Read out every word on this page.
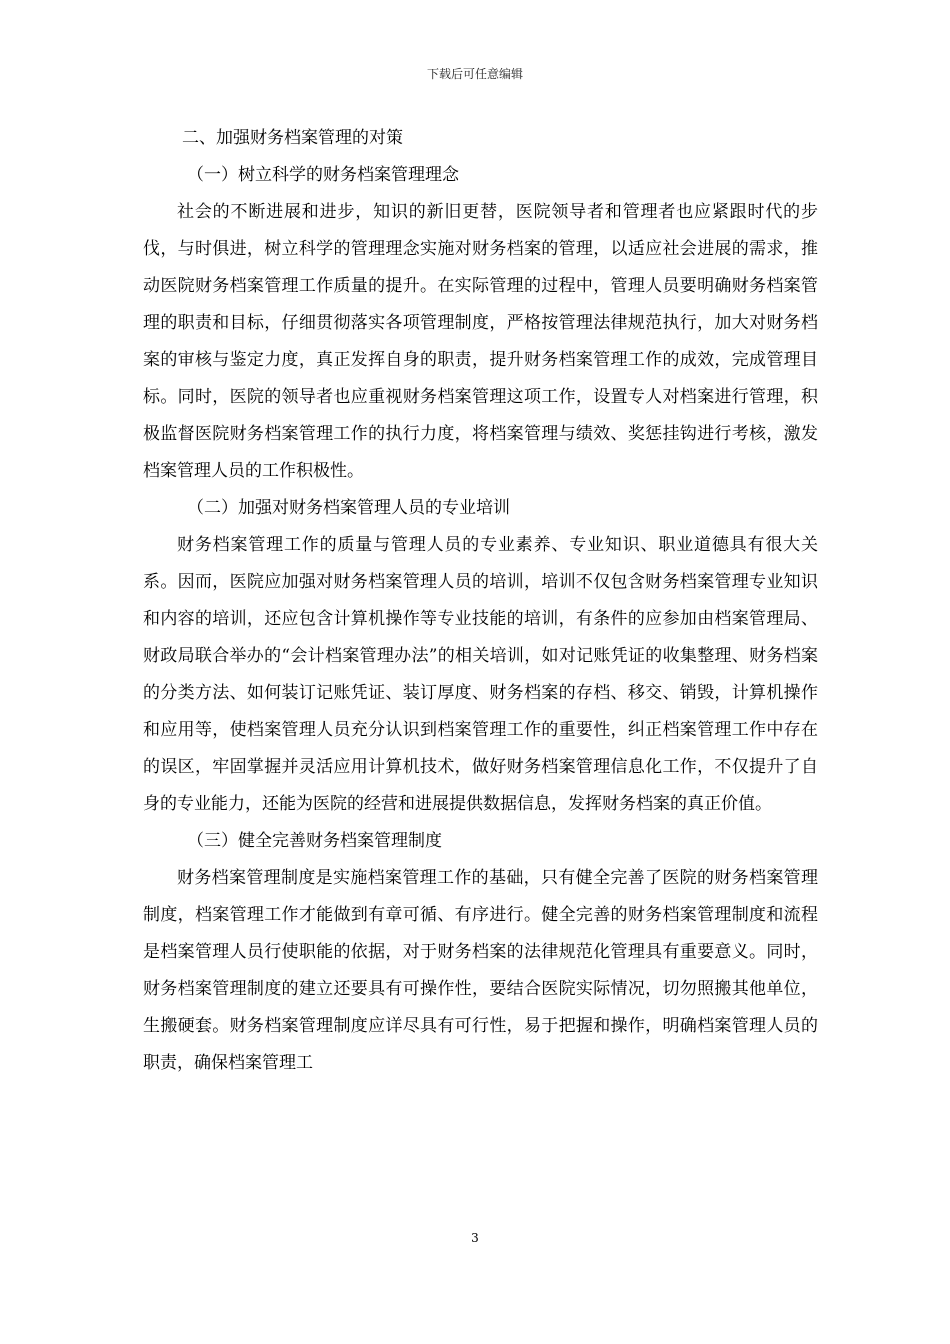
下载后可任意编辑

二、加强财务档案管理的对策

（一）树立科学的财务档案管理理念

社会的不断进展和进步，知识的新旧更替，医院领导者和管理者也应紧跟时代的步伐，与时俱进，树立科学的管理理念实施对财务档案的管理，以适应社会进展的需求，推动医院财务档案管理工作质量的提升。在实际管理的过程中，管理人员要明确财务档案管理的职责和目标，仔细贯彻落实各项管理制度，严格按管理法律规范执行，加大对财务档案的审核与鉴定力度，真正发挥自身的职责，提升财务档案管理工作的成效，完成管理目标。同时，医院的领导者也应重视财务档案管理这项工作，设置专人对档案进行管理，积极监督医院财务档案管理工作的执行力度，将档案管理与绩效、奖惩挂钩进行考核，激发档案管理人员的工作积极性。

（二）加强对财务档案管理人员的专业培训

财务档案管理工作的质量与管理人员的专业素养、专业知识、职业道德具有很大关系。因而，医院应加强对财务档案管理人员的培训，培训不仅包含财务档案管理专业知识和内容的培训，还应包含计算机操作等专业技能的培训，有条件的应参加由档案管理局、财政局联合举办的“会计档案管理办法”的相关培训，如对记账凭证的收集整理、财务档案的分类方法、如何装订记账凭证、装订厚度、财务档案的存档、移交、销毁，计算机操作和应用等，使档案管理人员充分认识到档案管理工作的重要性，纠正档案管理工作中存在的误区，牢固掌握并灵活应用计算机技术，做好财务档案管理信息化工作，不仅提升了自身的专业能力，还能为医院的经营和进展提供数据信息，发挥财务档案的真正价值。

（三）健全完善财务档案管理制度

财务档案管理制度是实施档案管理工作的基础，只有健全完善了医院的财务档案管理制度，档案管理工作才能做到有章可循、有序进行。健全完善的财务档案管理制度和流程是档案管理人员行使职能的依据，对于财务档案的法律规范化管理具有重要意义。同时，财务档案管理制度的建立还要具有可操作性，要结合医院实际情况，切勿照搬其他单位，生搬硬套。财务档案管理制度应详尽具有可行性，易于把握和操作，明确档案管理人员的职责，确保档案管理工

3
